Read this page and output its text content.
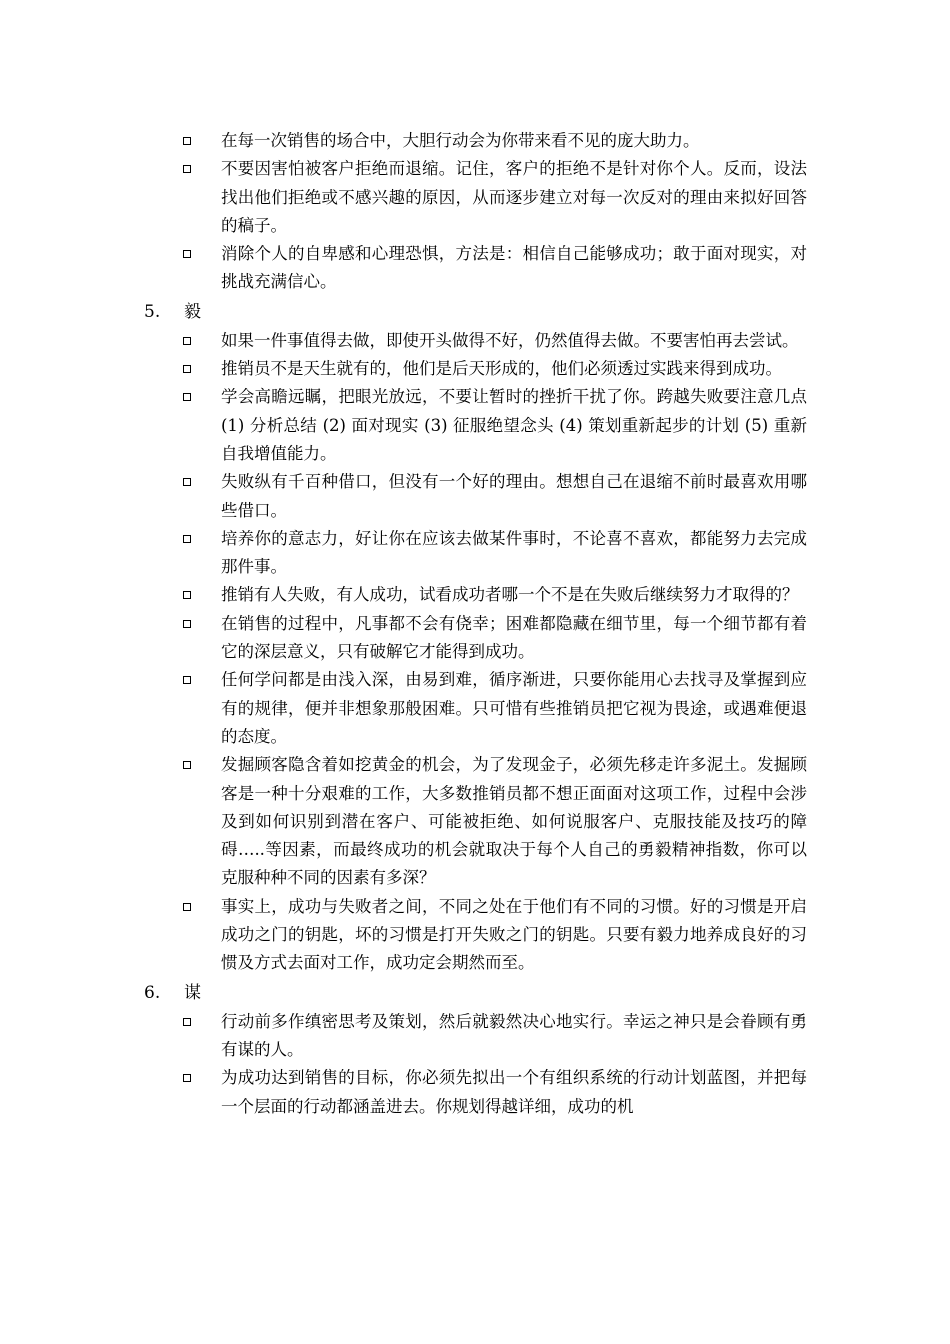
在每一次销售的场合中，大胆行动会为你带来看不见的庞大助力。
不要因害怕被客户拒绝而退缩。记住，客户的拒绝不是针对你个人。反而，设法找出他们拒绝或不感兴趣的原因，从而逐步建立对每一次反对的理由来拟好回答的稿子。
消除个人的自卑感和心理恐惧，方法是：相信自己能够成功；敢于面对现实，对挑战充满信心。
5. 毅
如果一件事值得去做，即使开头做得不好，仍然值得去做。不要害怕再去尝试。
推销员不是天生就有的，他们是后天形成的，他们必须透过实践来得到成功。
学会高瞻远瞩，把眼光放远，不要让暂时的挫折干扰了你。跨越失败要注意几点 (1) 分析总结 (2) 面对现实 (3) 征服绝望念头 (4) 策划重新起步的计划 (5) 重新自我增值能力。
失败纵有千百种借口，但没有一个好的理由。想想自己在退缩不前时最喜欢用哪些借口。
培养你的意志力，好让你在应该去做某件事时，不论喜不喜欢，都能努力去完成那件事。
推销有人失败，有人成功，试看成功者哪一个不是在失败后继续努力才取得的？
在销售的过程中，凡事都不会有侥幸；困难都隐藏在细节里，每一个细节都有着它的深层意义，只有破解它才能得到成功。
任何学问都是由浅入深，由易到难，循序渐进，只要你能用心去找寻及掌握到应有的规律，便并非想象那般困难。只可惜有些推销员把它视为畏途，或遇难便退的态度。
发掘顾客隐含着如挖黄金的机会，为了发现金子，必须先移走许多泥土。发掘顾客是一种十分艰难的工作，大多数推销员都不想正面面对这项工作，过程中会涉及到如何识别到潜在客户、可能被拒绝、如何说服客户、克服技能及技巧的障碍…..等因素，而最终成功的机会就取决于每个人自己的勇毅精神指数，你可以克服种种不同的因素有多深？
事实上，成功与失败者之间，不同之处在于他们有不同的习惯。好的习惯是开启成功之门的钥匙，坏的习惯是打开失败之门的钥匙。只要有毅力地养成良好的习惯及方式去面对工作，成功定会期然而至。
6. 谋
行动前多作缜密思考及策划，然后就毅然决心地实行。幸运之神只是会眷顾有勇有谋的人。
为成功达到销售的目标，你必须先拟出一个有组织系统的行动计划蓝图，并把每一个层面的行动都涵盖进去。你规划得越详细，成功的机
